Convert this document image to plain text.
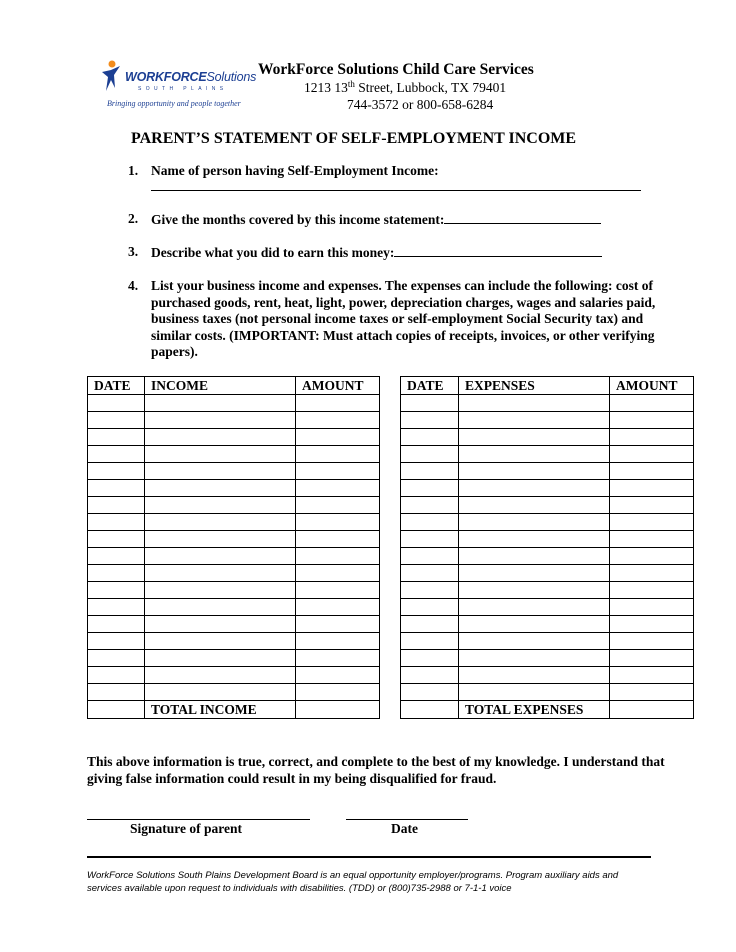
WORKFORCESolutions
SOUTH PLAINS
Bringing opportunity and people together
WorkForce Solutions Child Care Services
1213 13th Street, Lubbock, TX 79401
744-3572 or 800-658-6284
PARENT’S STATEMENT OF SELF-EMPLOYMENT INCOME
1. Name of person having Self-Employment Income:
2. Give the months covered by this income statement:
3. Describe what you did to earn this money:
4. List your business income and expenses. The expenses can include the following: cost of purchased goods, rent, heat, light, power, depreciation charges, wages and salaries paid, business taxes (not personal income taxes or self-employment Social Security tax) and similar costs. (IMPORTANT: Must attach copies of receipts, invoices, or other verifying papers).
DATE	INCOME	AMOUNT

	TOTAL INCOME	
DATE	EXPENSES	AMOUNT

	TOTAL EXPENSES	
This above information is true, correct, and complete to the best of my knowledge. I understand that giving false information could result in my being disqualified for fraud.
Signature of parent	Date
WorkForce Solutions South Plains Development Board is an equal opportunity employer/programs. Program auxiliary aids and services available upon request to individuals with disabilities. (TDD) or (800)735-2988 or 7-1-1 voice
